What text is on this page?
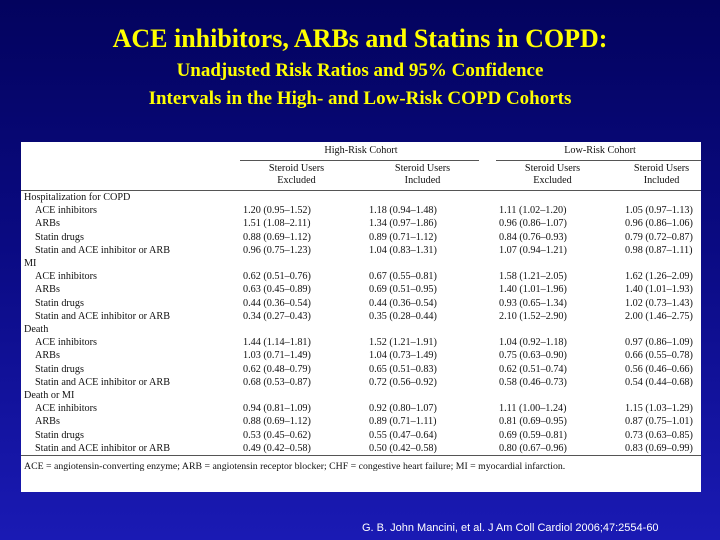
ACE inhibitors, ARBs and Statins in COPD:
Unadjusted Risk Ratios and 95% Confidence
Intervals in the High- and Low-Risk COPD Cohorts
	High-Risk Cohort				Low-Risk Cohort		
	Steroid Users
Excluded		Steroid Users
Included		Steroid Users
Excluded		Steroid Users
Included
Hospitalization for COPD							
ACE inhibitors	1.20 (0.95–1.52)		1.18 (0.94–1.48)		1.11 (1.02–1.20)		1.05 (0.97–1.13)
ARBs	1.51 (1.08–2.11)		1.34 (0.97–1.86)		0.96 (0.86–1.07)		0.96 (0.86–1.06)
Statin drugs	0.88 (0.69–1.12)		0.89 (0.71–1.12)		0.84 (0.76–0.93)		0.79 (0.72–0.87)
Statin and ACE inhibitor or ARB	0.96 (0.75–1.23)		1.04 (0.83–1.31)		1.07 (0.94–1.21)		0.98 (0.87–1.11)
MI							
ACE inhibitors	0.62 (0.51–0.76)		0.67 (0.55–0.81)		1.58 (1.21–2.05)		1.62 (1.26–2.09)
ARBs	0.63 (0.45–0.89)		0.69 (0.51–0.95)		1.40 (1.01–1.96)		1.40 (1.01–1.93)
Statin drugs	0.44 (0.36–0.54)		0.44 (0.36–0.54)		0.93 (0.65–1.34)		1.02 (0.73–1.43)
Statin and ACE inhibitor or ARB	0.34 (0.27–0.43)		0.35 (0.28–0.44)		2.10 (1.52–2.90)		2.00 (1.46–2.75)
Death							
ACE inhibitors	1.44 (1.14–1.81)		1.52 (1.21–1.91)		1.04 (0.92–1.18)		0.97 (0.86–1.09)
ARBs	1.03 (0.71–1.49)		1.04 (0.73–1.49)		0.75 (0.63–0.90)		0.66 (0.55–0.78)
Statin drugs	0.62 (0.48–0.79)		0.65 (0.51–0.83)		0.62 (0.51–0.74)		0.56 (0.46–0.66)
Statin and ACE inhibitor or ARB	0.68 (0.53–0.87)		0.72 (0.56–0.92)		0.58 (0.46–0.73)		0.54 (0.44–0.68)
Death or MI							
ACE inhibitors	0.94 (0.81–1.09)		0.92 (0.80–1.07)		1.11 (1.00–1.24)		1.15 (1.03–1.29)
ARBs	0.88 (0.69–1.12)		0.89 (0.71–1.11)		0.81 (0.69–0.95)		0.87 (0.75–1.01)
Statin drugs	0.53 (0.45–0.62)		0.55 (0.47–0.64)		0.69 (0.59–0.81)		0.73 (0.63–0.85)
Statin and ACE inhibitor or ARB	0.49 (0.42–0.58)		0.50 (0.42–0.58)		0.80 (0.67–0.96)		0.83 (0.69–0.99)
ACE = angiotensin-converting enzyme; ARB = angiotensin receptor blocker; CHF = congestive heart failure; MI = myocardial infarction.							
G. B. John Mancini, et al. J Am Coll Cardiol 2006;47:2554-60
